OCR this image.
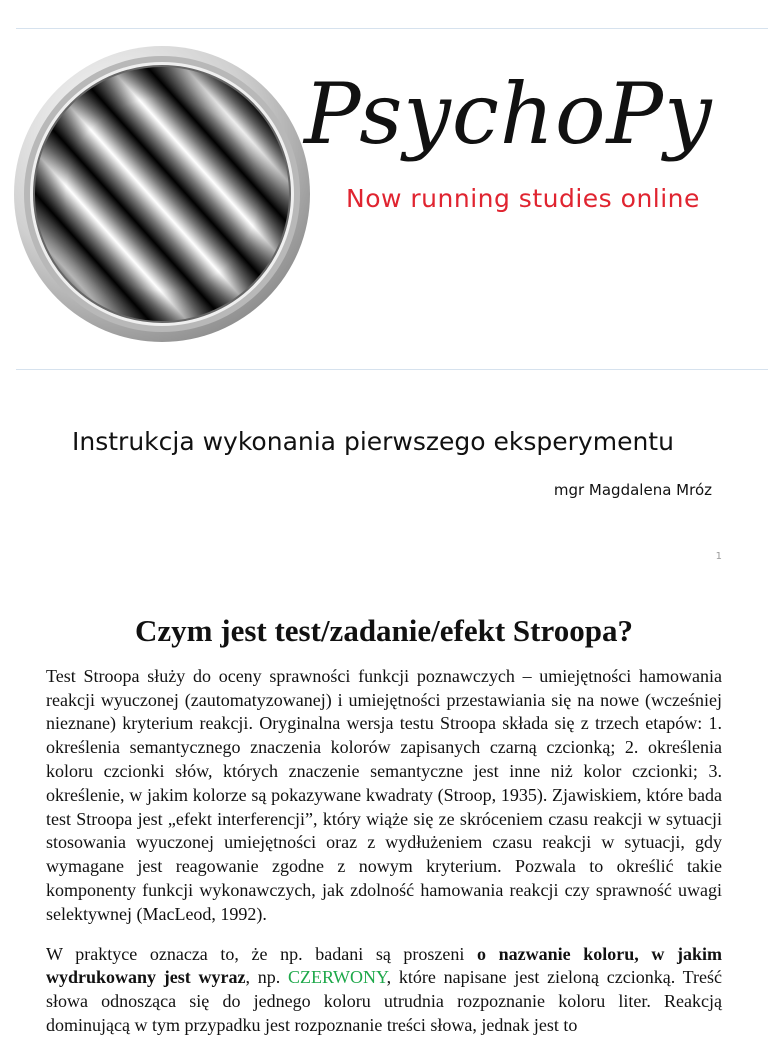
PsychoPy
Now running studies online
Instrukcja wykonania pierwszego eksperymentu
mgr Magdalena Mróz
1
Czym jest test/zadanie/efekt Stroopa?

Test Stroopa służy do oceny sprawności funkcji poznawczych – umiejętności hamowania reakcji wyuczonej (zautomatyzowanej) i umiejętności przestawiania się na nowe (wcześniej nieznane) kryterium reakcji. Oryginalna wersja testu Stroopa składa się z trzech etapów: 1. określenia semantycznego znaczenia kolorów zapisanych czarną czcionką; 2. określenia koloru czcionki słów, których znaczenie semantyczne jest inne niż kolor czcionki; 3. określenie, w jakim kolorze są pokazywane kwadraty (Stroop, 1935). Zjawiskiem, które bada test Stroopa jest „efekt interferencji”, który wiąże się ze skróceniem czasu reakcji w sytuacji stosowania wyuczonej umiejętności oraz z wydłużeniem czasu reakcji w sytuacji, gdy wymagane jest reagowanie zgodne z nowym kryterium. Pozwala to określić takie komponenty funkcji wykonawczych, jak zdolność hamowania reakcji czy sprawność uwagi selektywnej (MacLeod, 1992).

W praktyce oznacza to, że np. badani są proszeni o nazwanie koloru, w jakim wydrukowany jest wyraz, np. CZERWONY, które napisane jest zieloną czcionką. Treść słowa odnosząca się do jednego koloru utrudnia rozpoznanie koloru liter. Reakcją dominującą w tym przypadku jest rozpoznanie treści słowa, jednak jest to
